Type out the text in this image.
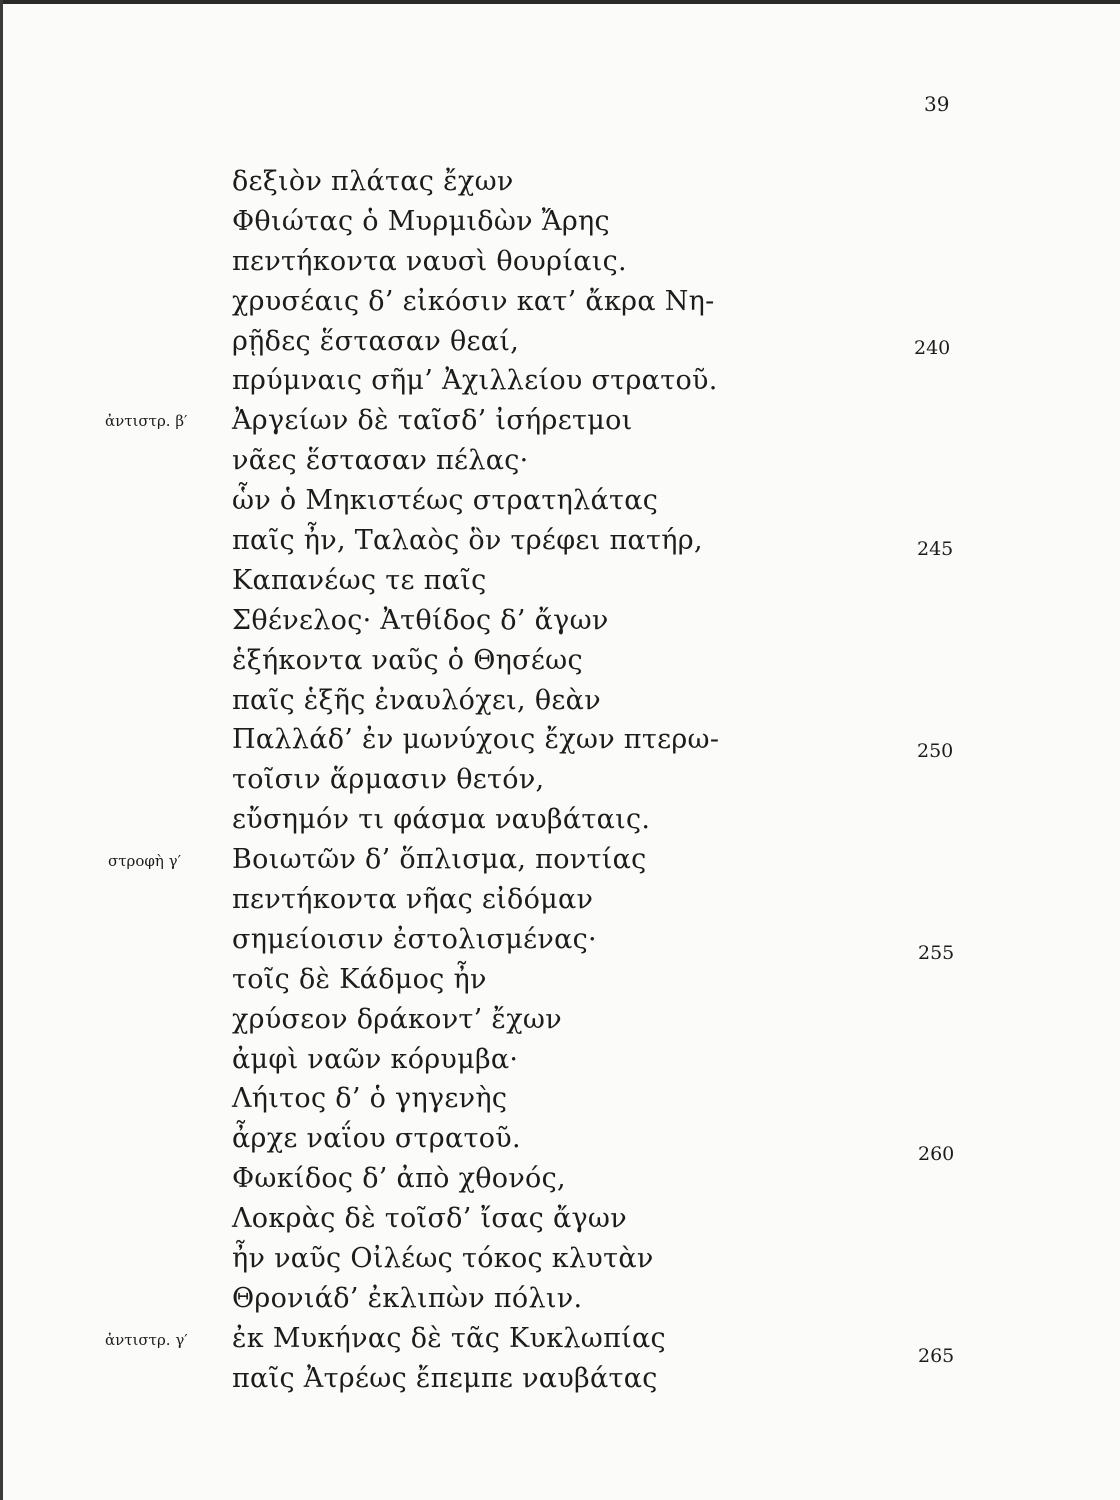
39
ἀντιστρ. β′
στροφὴ γ′
ἀντιστρ. γ′
240
245
250
255
260
265
δεξιὸν πλάτας ἔχων
Φθιώτας ὁ Μυρμιδὼν Ἄρης
πεντήκοντα ναυσὶ θουρίαις.
χρυσέαις δ’ εἰκόσιν κατ’ ἄκρα Νη-
ρῇδες ἕστασαν θεαί,
πρύμναις σῆμ’ Ἀχιλλείου στρατοῦ.
Ἀργείων δὲ ταῖσδ’ ἰσήρετμοι
νᾶες ἕστασαν πέλας·
ὧν ὁ Μηκιστέως στρατηλάτας
παῖς ἦν, Ταλαὸς ὃν τρέφει πατήρ,
Καπανέως τε παῖς
Σθένελος· Ἀτθίδος δ’ ἄγων
ἑξήκοντα ναῦς ὁ Θησέως
παῖς ἑξῆς ἐναυλόχει, θεὰν
Παλλάδ’ ἐν μωνύχοις ἔχων πτερω-
τοῖσιν ἅρμασιν θετόν,
εὔσημόν τι φάσμα ναυβάταις.
Βοιωτῶν δ’ ὅπλισμα, ποντίας
πεντήκοντα νῆας εἰδόμαν
σημείοισιν ἐστολισμένας·
τοῖς δὲ Κάδμος ἦν
χρύσεον δράκοντ’ ἔχων
ἀμφὶ ναῶν κόρυμβα·
Λήιτος δ’ ὁ γηγενὴς
ἆρχε ναΐου στρατοῦ.
Φωκίδος δ’ ἀπὸ χθονός,
Λοκρὰς δὲ τοῖσδ’ ἴσας ἄγων
ἦν ναῦς Οἰλέως τόκος κλυτὰν
Θρονιάδ’ ἐκλιπὼν πόλιν.
ἐκ Μυκήνας δὲ τᾶς Κυκλωπίας
παῖς Ἀτρέως ἔπεμπε ναυβάτας
